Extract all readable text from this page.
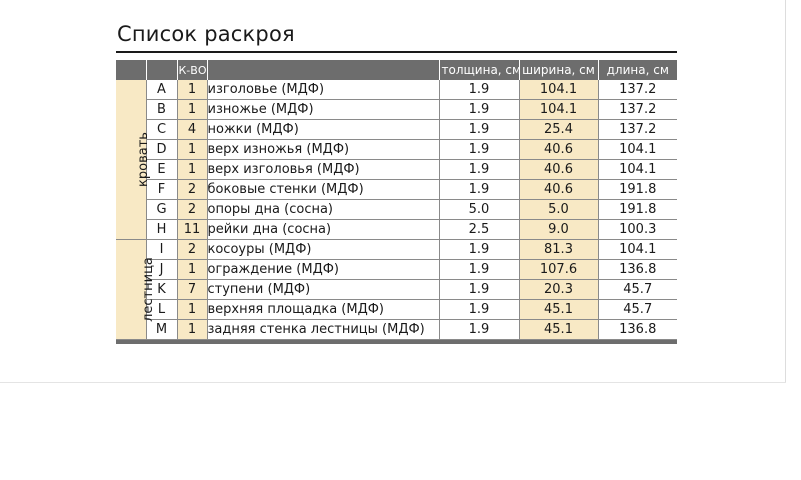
Список раскроя
		К-ВО		толщина, см	ширина, см	длина, см
кровать	A	1	изголовье (МДФ)	1.9	104.1	137.2
	B	1	изножье (МДФ)	1.9	104.1	137.2
	C	4	ножки (МДФ)	1.9	25.4	137.2
	D	1	верх изножья (МДФ)	1.9	40.6	104.1
	E	1	верх изголовья (МДФ)	1.9	40.6	104.1
	F	2	боковые стенки (МДФ)	1.9	40.6	191.8
	G	2	опоры дна (сосна)	5.0	5.0	191.8
	H	11	рейки дна (сосна)	2.5	9.0	100.3
лестница	I	2	косоуры (МДФ)	1.9	81.3	104.1
	J	1	ограждение (МДФ)	1.9	107.6	136.8
	K	7	ступени (МДФ)	1.9	20.3	45.7
	L	1	верхняя площадка (МДФ)	1.9	45.1	45.7
	M	1	задняя стенка лестницы (МДФ)	1.9	45.1	136.8
